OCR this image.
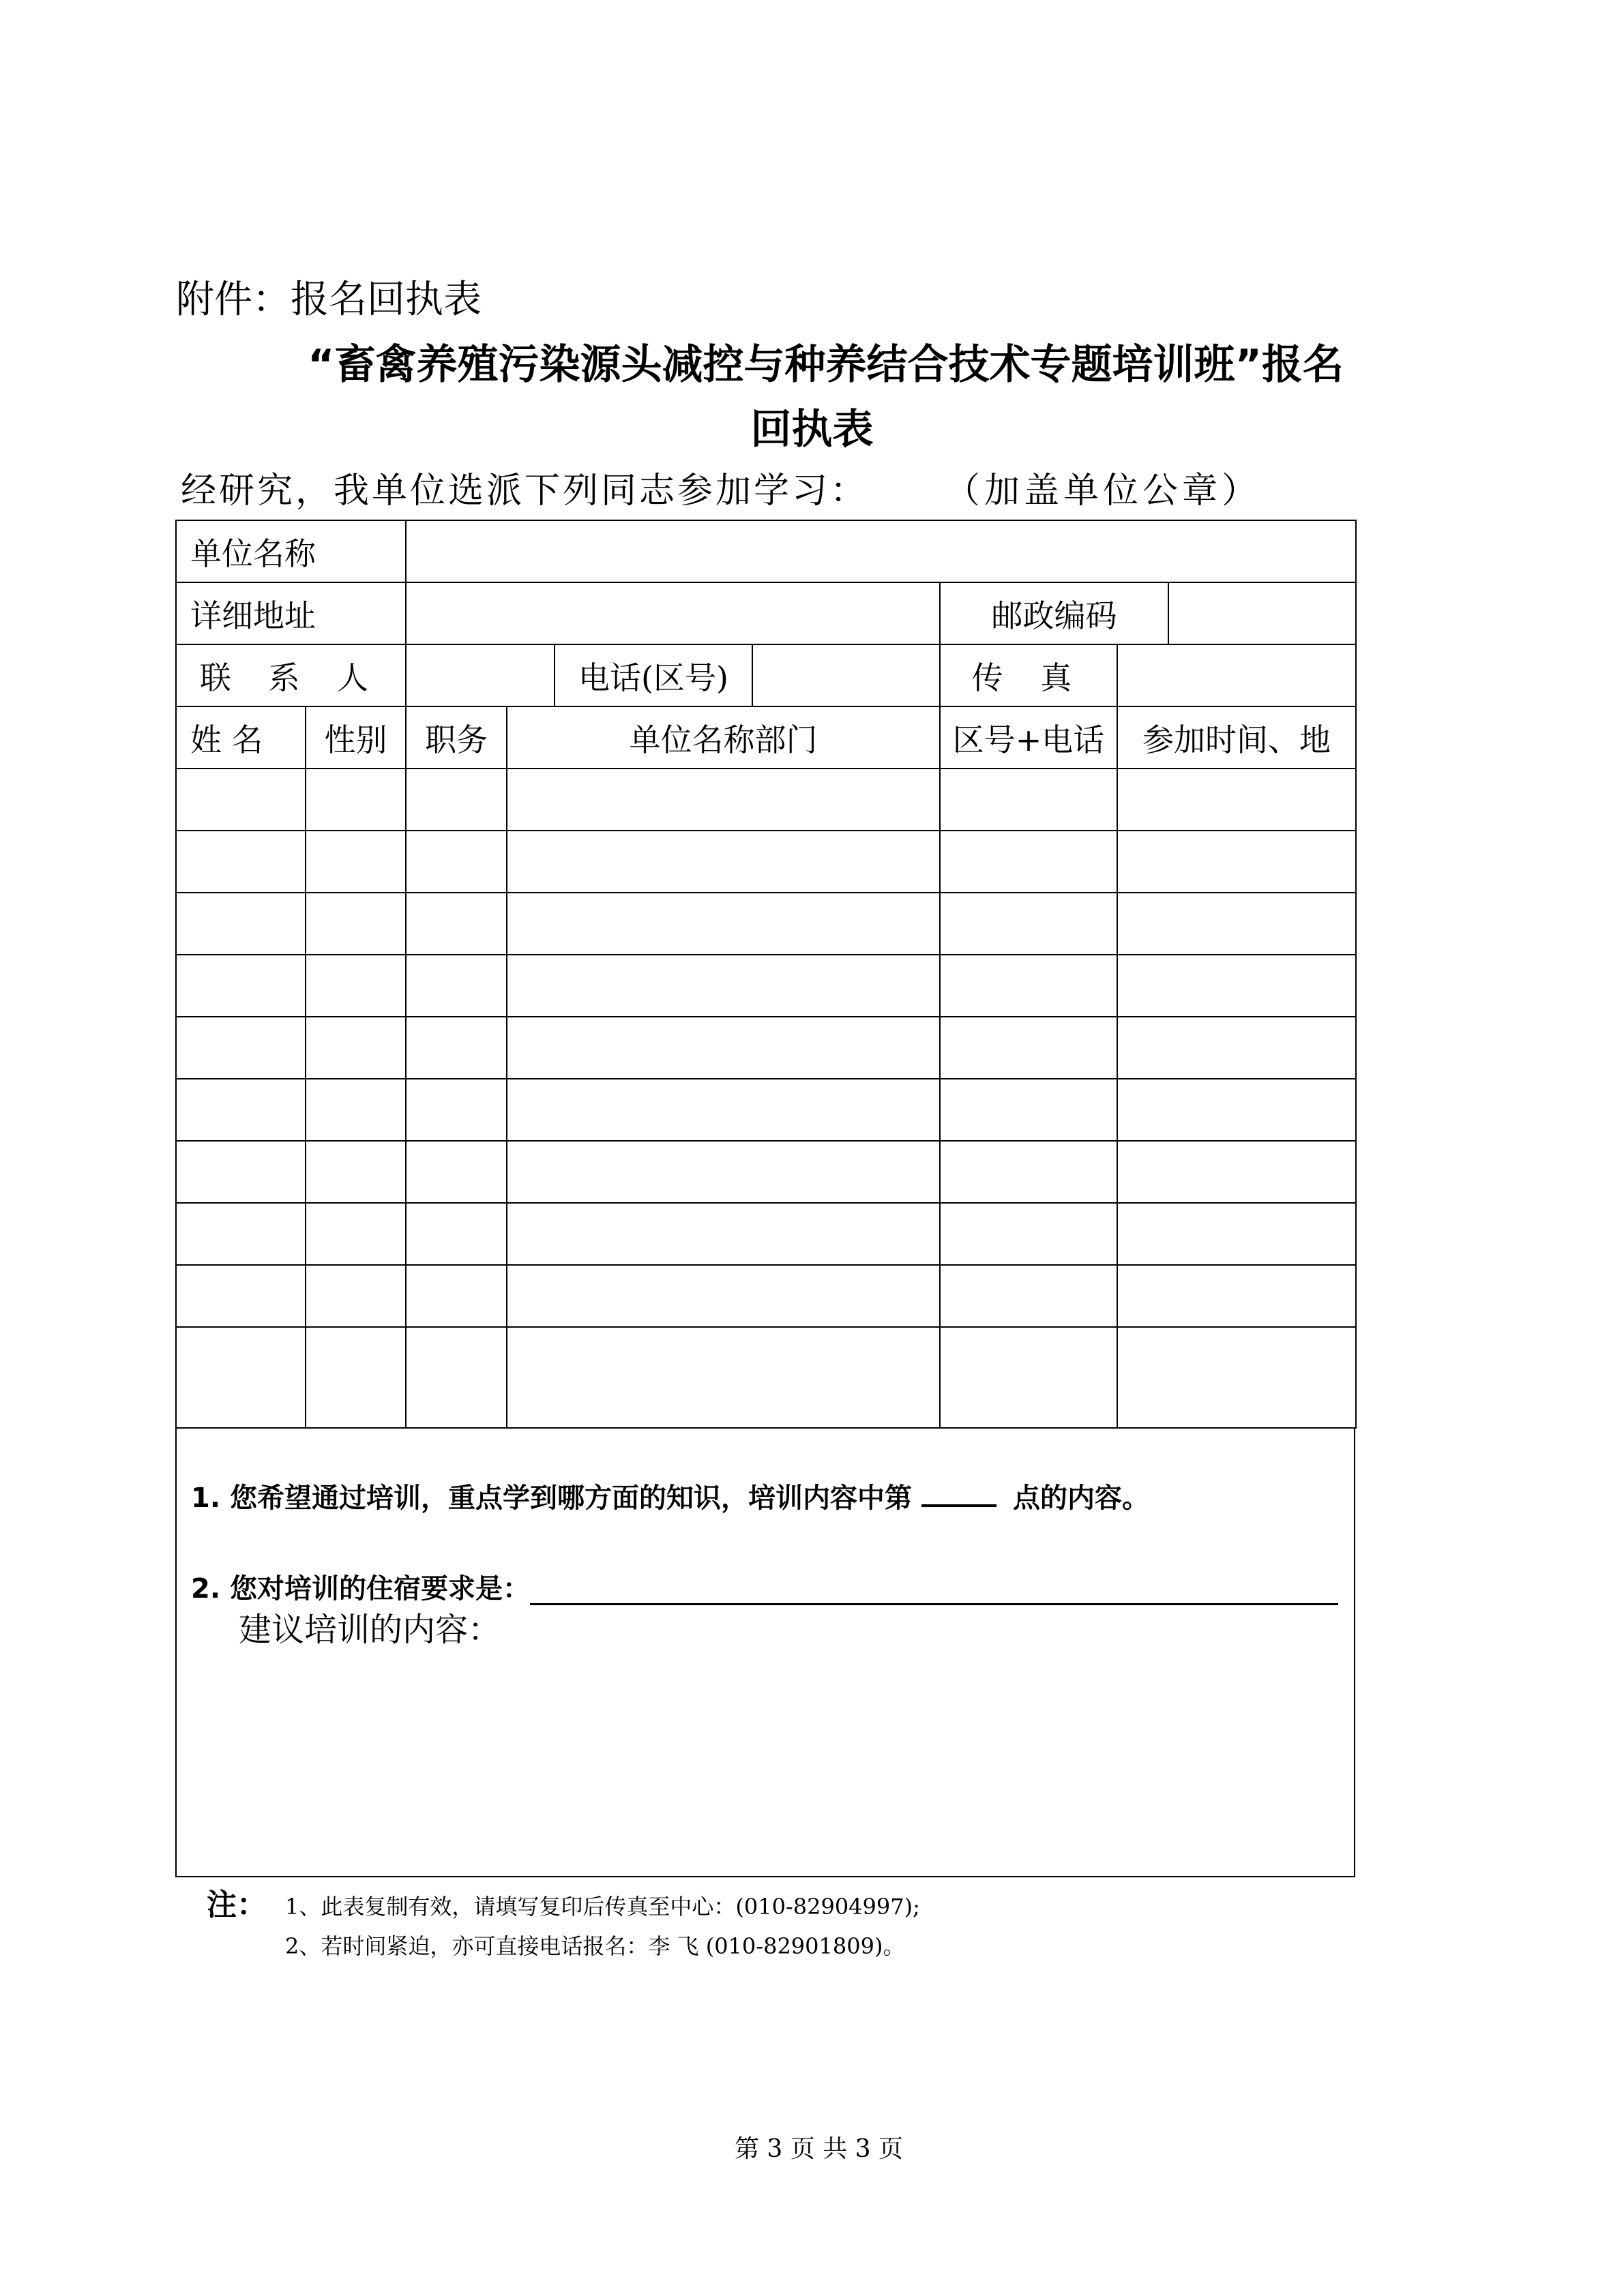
附件：报名回执表
“畜禽养殖污染源头减控与种养结合技术专题培训班”报名
回执表
经研究，我单位选派下列同志参加学习： （加盖单位公章）
单位名称								
详细地址						邮政编码		
联 系 人				电话(区号)		传 真		
姓 名	性别	职务	单位名称部门			区号+电话	参加时间、地	

1. 您希望通过培训，重点学到哪方面的知识，培训内容中第	点的内容。
2. 您对培训的住宿要求是：
建议培训的内容：
注： 1、此表复制有效，请填写复印后传真至中心：(010-82904997);
2、若时间紧迫，亦可直接电话报名：李 飞 (010-82901809)。
第 3 页 共 3 页
